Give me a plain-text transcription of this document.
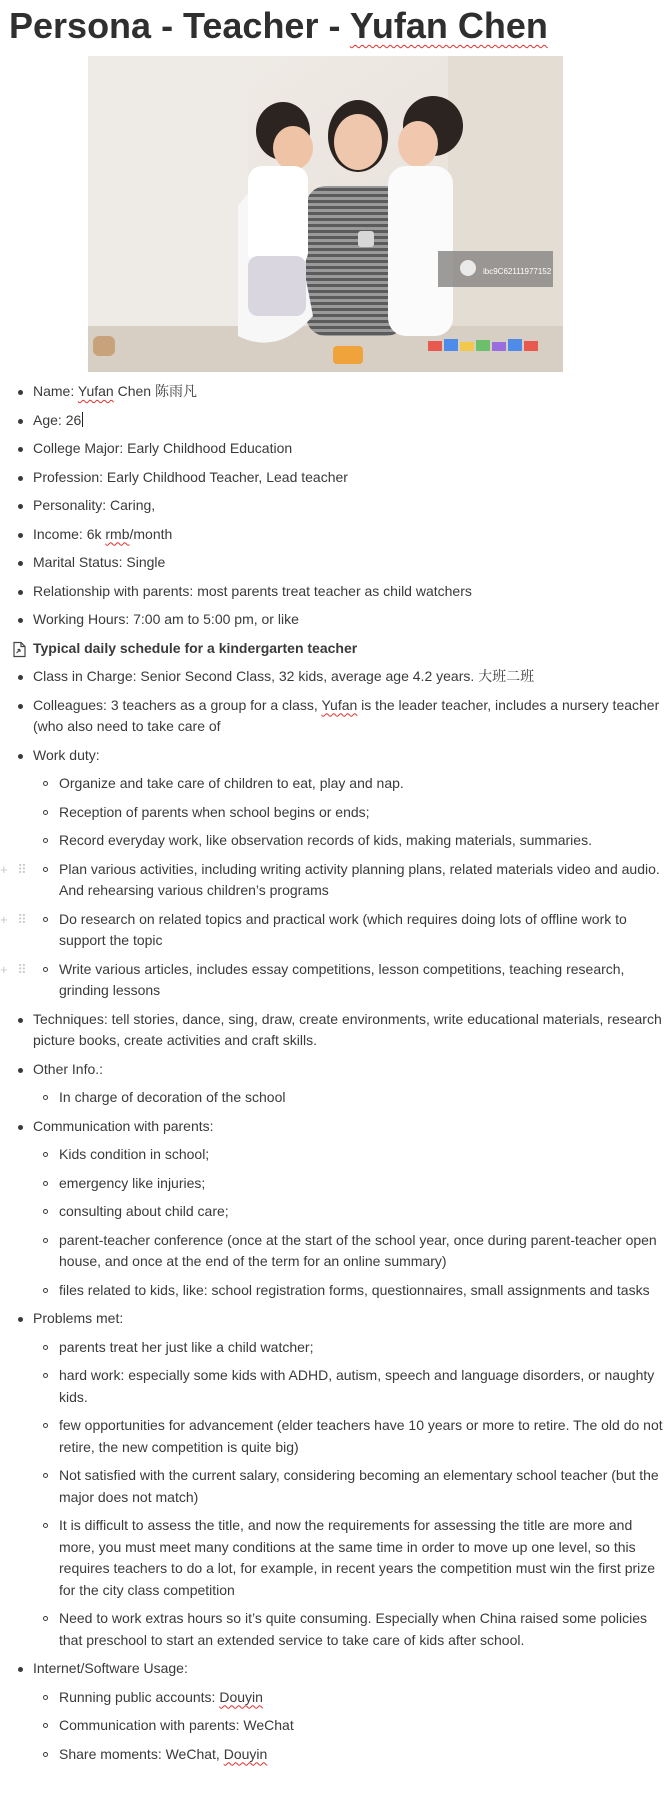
Persona - Teacher - Yufan Chen
ibc9C62111977152
Name: Yufan Chen 陈雨凡
Age: 26
College Major: Early Childhood Education
Profession: Early Childhood Teacher, Lead teacher
Personality: Caring,
Income: 6k rmb/month
Marital Status: Single
Relationship with parents: most parents treat teacher as child watchers
Working Hours: 7:00 am to 5:00 pm, or like
Typical daily schedule for a kindergarten teacher
Class in Charge: Senior Second Class, 32 kids, average age 4.2 years. 大班二班
Colleagues: 3 teachers as a group for a class, Yufan is the leader teacher, includes a nursery teacher (who also need to take care of
Work duty:
Organize and take care of children to eat, play and nap.
Reception of parents when school begins or ends;
Record everyday work, like observation records of kids, making materials, summaries.
+ ⠿ Plan various activities, including writing activity planning plans, related materials video and audio. And rehearsing various children’s programs
+ ⠿ Do research on related topics and practical work (which requires doing lots of offline work to support the topic
+ ⠿ Write various articles, includes essay competitions, lesson competitions, teaching research, grinding lessons
Techniques: tell stories, dance, sing, draw, create environments, write educational materials, research picture books, create activities and craft skills.
Other Info.:
In charge of decoration of the school
Communication with parents:
Kids condition in school;
emergency like injuries;
consulting about child care;
parent-teacher conference (once at the start of the school year, once during parent-teacher open house, and once at the end of the term for an online summary)
files related to kids, like: school registration forms, questionnaires, small assignments and tasks
Problems met:
parents treat her just like a child watcher;
hard work: especially some kids with ADHD, autism, speech and language disorders, or naughty kids.
few opportunities for advancement (elder teachers have 10 years or more to retire. The old do not retire, the new competition is quite big)
Not satisfied with the current salary, considering becoming an elementary school teacher (but the major does not match)
It is difficult to assess the title, and now the requirements for assessing the title are more and more, you must meet many conditions at the same time in order to move up one level, so this requires teachers to do a lot, for example, in recent years the competition must win the first prize for the city class competition
Need to work extras hours so it’s quite consuming. Especially when China raised some policies that preschool to start an extended service to take care of kids after school.
Internet/Software Usage:
Running public accounts: Douyin
Communication with parents: WeChat
Share moments: WeChat, Douyin
